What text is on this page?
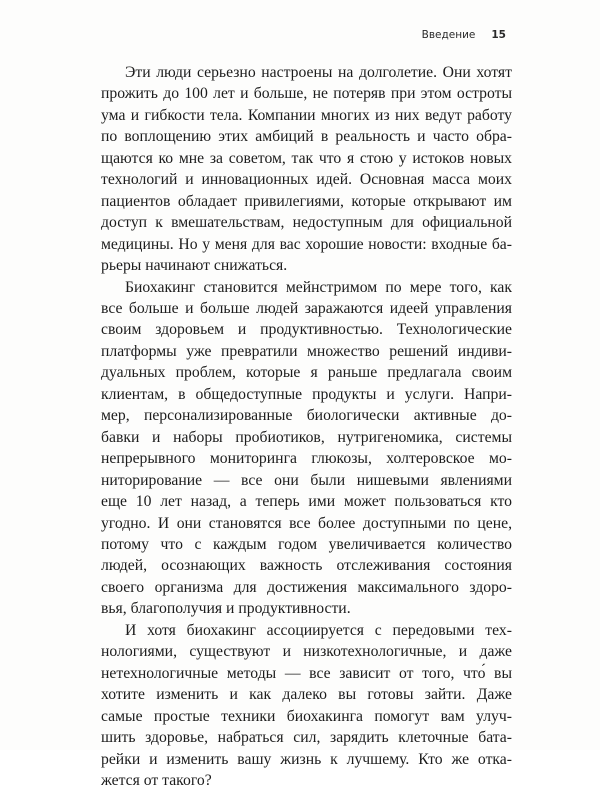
Введение 15

Эти люди серьезно настроены на долголетие. Они хотят
прожить до 100 лет и больше, не потеряв при этом остроты
ума и гибкости тела. Компании многих из них ведут работу
по воплощению этих амбиций в реальность и часто обра-
щаются ко мне за советом, так что я стою у истоков новых
технологий и инновационных идей. Основная масса моих
пациентов обладает привилегиями, которые открывают им
доступ к вмешательствам, недоступным для официальной
медицины. Но у меня для вас хорошие новости: входные ба-
рьеры начинают снижаться.

Биохакинг становится мейнстримом по мере того, как
все больше и больше людей заражаются идеей управления
своим здоровьем и продуктивностью. Технологические
платформы уже превратили множество решений индиви-
дуальных проблем, которые я раньше предлагала своим
клиентам, в общедоступные продукты и услуги. Напри-
мер, персонализированные биологически активные до-
бавки и наборы пробиотиков, нутригеномика, системы
непрерывного мониторинга глюкозы, холтеровское мо-
ниторирование — все они были нишевыми явлениями
еще 10 лет назад, а теперь ими может пользоваться кто
угодно. И они становятся все более доступными по цене,
потому что с каждым годом увеличивается количество
людей, осознающих важность отслеживания состояния
своего организма для достижения максимального здоро-
вья, благополучия и продуктивности.

И хотя биохакинг ассоциируется с передовыми тех-
нологиями, существуют и низкотехнологичные, и даже
нетехнологичные методы — все зависит от того, что́ вы
хотите изменить и как далеко вы готовы зайти. Даже
самые простые техники биохакинга помогут вам улуч-
шить здоровье, набраться сил, зарядить клеточные бата-
рейки и изменить вашу жизнь к лучшему. Кто же отка-
жется от такого?
